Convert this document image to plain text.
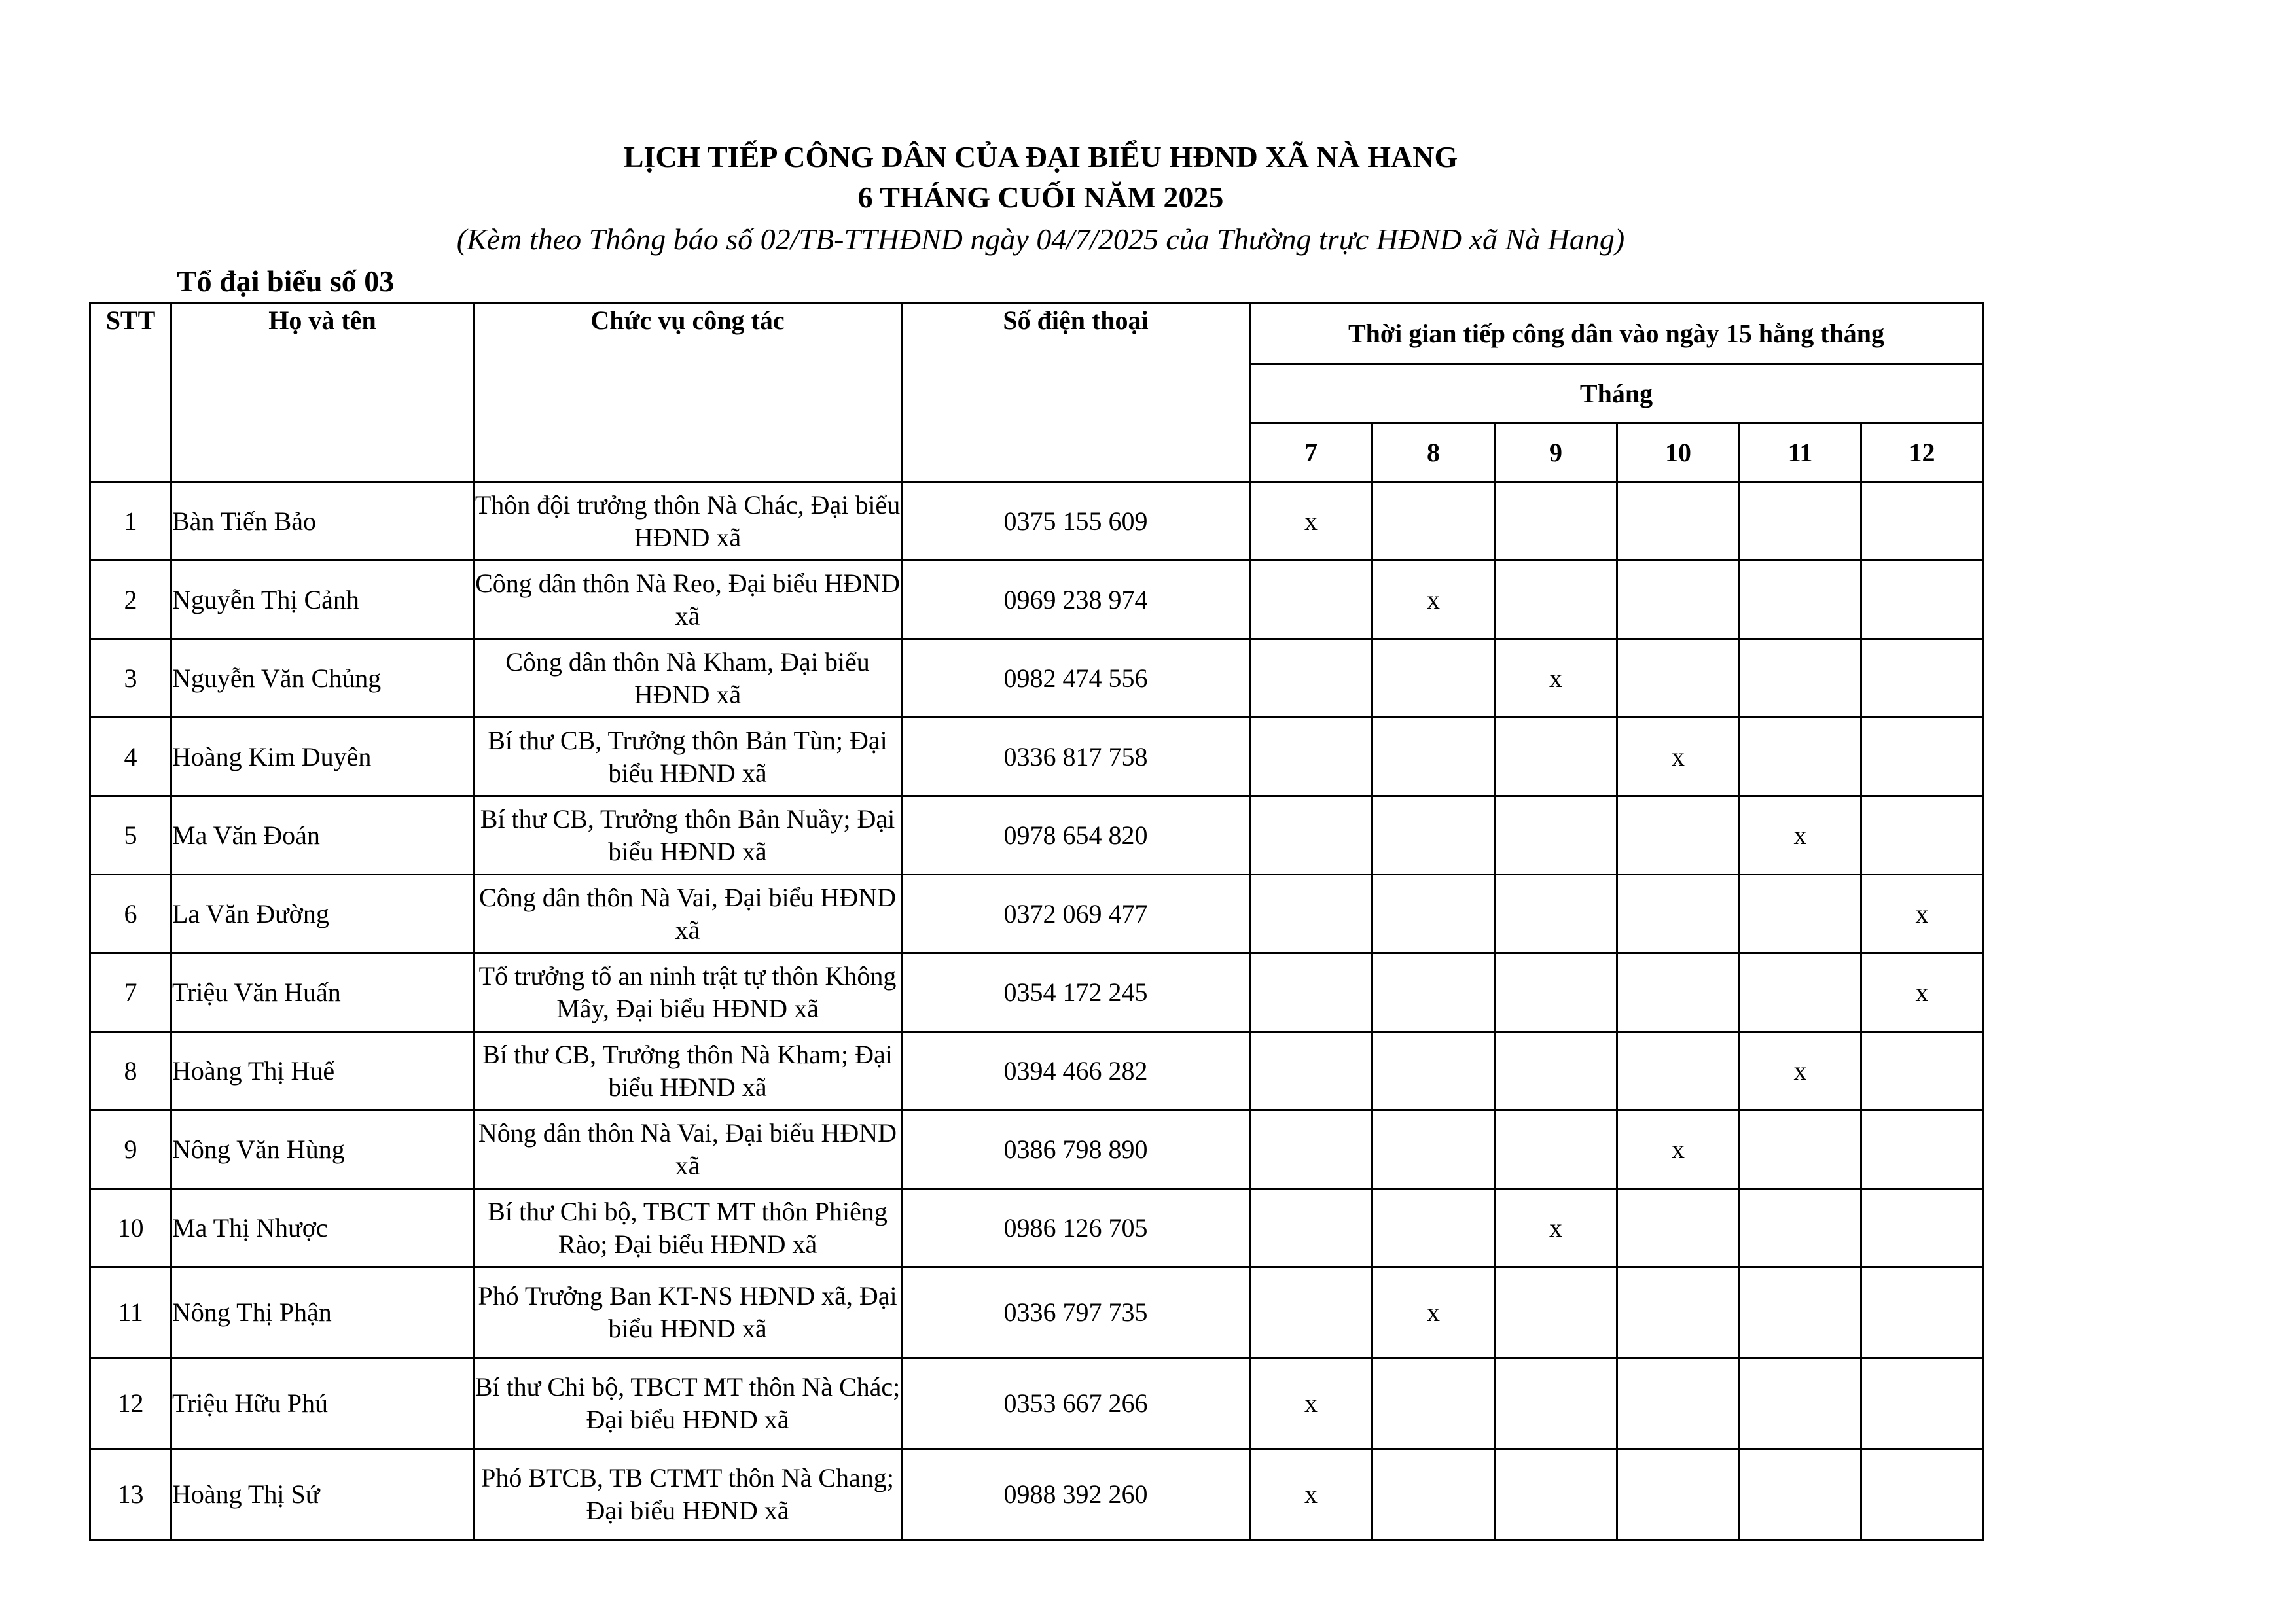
LỊCH TIẾP CÔNG DÂN CỦA ĐẠI BIỂU HĐND XÃ NÀ HANG
6 THÁNG CUỐI NĂM 2025
(Kèm theo Thông báo số 02/TB-TTHĐND ngày 04/7/2025 của Thường trực HĐND xã Nà Hang)
Tổ đại biểu số 03
STT	Họ và tên	Chức vụ công tác	Số điện thoại	Thời gian tiếp công dân vào ngày 15 hằng tháng					
				Tháng					
				7	8	9	10	11	12
1	Bàn Tiến Bảo	Thôn đội trưởng thôn Nà Chác, Đại biểu HĐND xã	0375 155 609	x					
2	Nguyễn Thị Cảnh	Công dân thôn Nà Reo, Đại biểu HĐND xã	0969 238 974		x				
3	Nguyễn Văn Chủng	Công dân thôn Nà Kham, Đại biểu HĐND xã	0982 474 556			x			
4	Hoàng Kim Duyên	Bí thư CB, Trưởng thôn Bản Tùn; Đại biểu HĐND xã	0336 817 758				x		
5	Ma Văn Đoán	Bí thư CB, Trưởng thôn Bản Nuầy; Đại biểu HĐND xã	0978 654 820					x	
6	La Văn Đường	Công dân thôn Nà Vai, Đại biểu HĐND xã	0372 069 477						x
7	Triệu Văn Huấn	Tổ trưởng tổ an ninh trật tự thôn Không Mây, Đại biểu HĐND xã	0354 172 245						x
8	Hoàng Thị Huế	Bí thư CB, Trưởng thôn Nà Kham; Đại biểu HĐND xã	0394 466 282					x	
9	Nông Văn Hùng	Nông dân thôn Nà Vai, Đại biểu HĐND xã	0386 798 890				x		
10	Ma Thị Nhược	Bí thư Chi bộ, TBCT MT thôn Phiêng Rào; Đại biểu HĐND xã	0986 126 705			x			
11	Nông Thị Phận	Phó Trưởng Ban KT-NS HĐND xã, Đại biểu HĐND xã	0336 797 735		x				
12	Triệu Hữu Phú	Bí thư Chi bộ, TBCT MT thôn Nà Chác; Đại biểu HĐND xã	0353 667 266	x					
13	Hoàng Thị Sứ	Phó BTCB, TB CTMT thôn Nà Chang; Đại biểu HĐND xã	0988 392 260	x					
